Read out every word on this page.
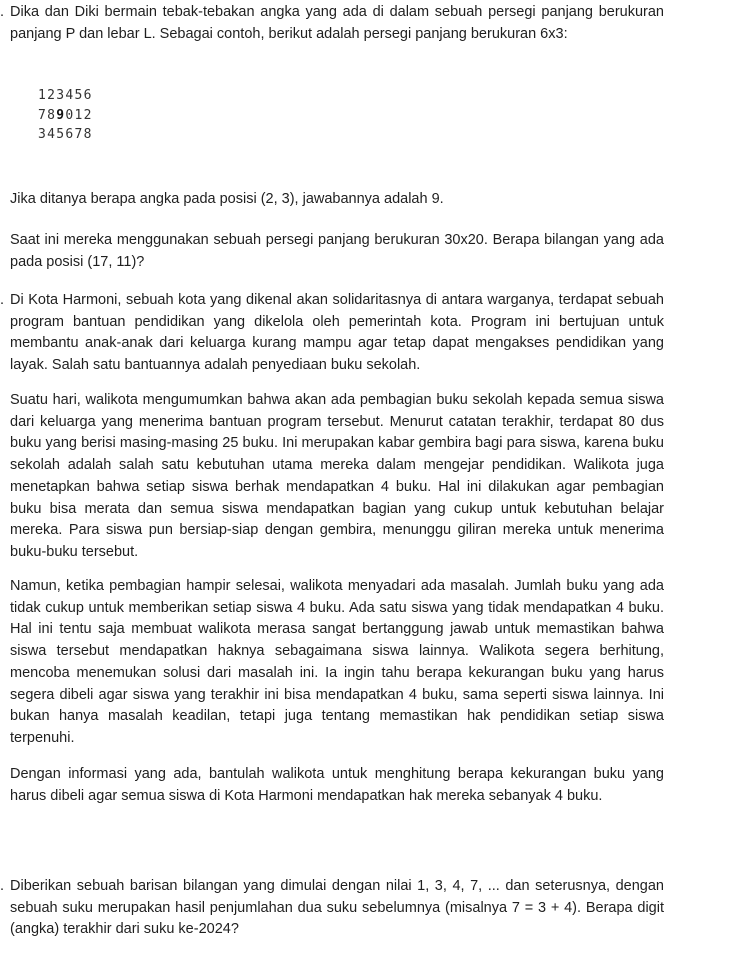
. Dika dan Diki bermain tebak-tebakan angka yang ada di dalam sebuah persegi panjang berukuran panjang P dan lebar L. Sebagai contoh, berikut adalah persegi panjang berukuran 6x3:

123456
789012
345678

Jika ditanya berapa angka pada posisi (2, 3), jawabannya adalah 9.

Saat ini mereka menggunakan sebuah persegi panjang berukuran 30x20. Berapa bilangan yang ada pada posisi (17, 11)?

. Di Kota Harmoni, sebuah kota yang dikenal akan solidaritasnya di antara warganya, terdapat sebuah program bantuan pendidikan yang dikelola oleh pemerintah kota. Program ini bertujuan untuk membantu anak-anak dari keluarga kurang mampu agar tetap dapat mengakses pendidikan yang layak. Salah satu bantuannya adalah penyediaan buku sekolah.

Suatu hari, walikota mengumumkan bahwa akan ada pembagian buku sekolah kepada semua siswa dari keluarga yang menerima bantuan program tersebut. Menurut catatan terakhir, terdapat 80 dus buku yang berisi masing-masing 25 buku. Ini merupakan kabar gembira bagi para siswa, karena buku sekolah adalah salah satu kebutuhan utama mereka dalam mengejar pendidikan. Walikota juga menetapkan bahwa setiap siswa berhak mendapatkan 4 buku. Hal ini dilakukan agar pembagian buku bisa merata dan semua siswa mendapatkan bagian yang cukup untuk kebutuhan belajar mereka. Para siswa pun bersiap-siap dengan gembira, menunggu giliran mereka untuk menerima buku-buku tersebut.

Namun, ketika pembagian hampir selesai, walikota menyadari ada masalah. Jumlah buku yang ada tidak cukup untuk memberikan setiap siswa 4 buku. Ada satu siswa yang tidak mendapatkan 4 buku. Hal ini tentu saja membuat walikota merasa sangat bertanggung jawab untuk memastikan bahwa siswa tersebut mendapatkan haknya sebagaimana siswa lainnya. Walikota segera berhitung, mencoba menemukan solusi dari masalah ini. Ia ingin tahu berapa kekurangan buku yang harus segera dibeli agar siswa yang terakhir ini bisa mendapatkan 4 buku, sama seperti siswa lainnya. Ini bukan hanya masalah keadilan, tetapi juga tentang memastikan hak pendidikan setiap siswa terpenuhi.

Dengan informasi yang ada, bantulah walikota untuk menghitung berapa kekurangan buku yang harus dibeli agar semua siswa di Kota Harmoni mendapatkan hak mereka sebanyak 4 buku.

. Diberikan sebuah barisan bilangan yang dimulai dengan nilai 1, 3, 4, 7, ... dan seterusnya, dengan sebuah suku merupakan hasil penjumlahan dua suku sebelumnya (misalnya 7 = 3 + 4). Berapa digit (angka) terakhir dari suku ke-2024?
